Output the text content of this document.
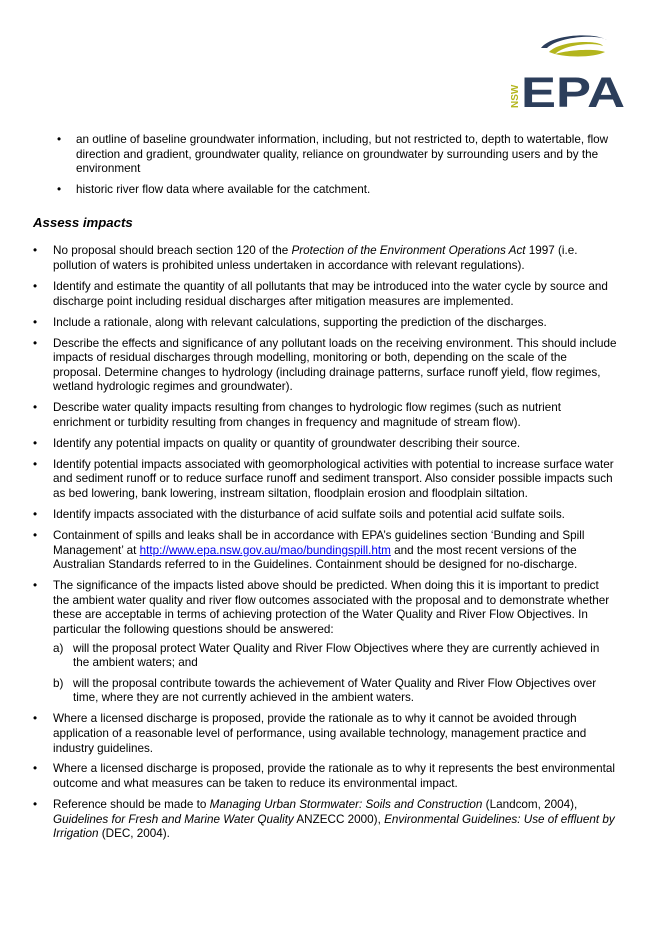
NSW EPA
• an outline of baseline groundwater information, including, but not restricted to, depth to watertable, flow direction and gradient, groundwater quality, reliance on groundwater by surrounding users and by the environment
• historic river flow data where available for the catchment.
Assess impacts
• No proposal should breach section 120 of the Protection of the Environment Operations Act 1997 (i.e. pollution of waters is prohibited unless undertaken in accordance with relevant regulations).
• Identify and estimate the quantity of all pollutants that may be introduced into the water cycle by source and discharge point including residual discharges after mitigation measures are implemented.
• Include a rationale, along with relevant calculations, supporting the prediction of the discharges.
• Describe the effects and significance of any pollutant loads on the receiving environment. This should include impacts of residual discharges through modelling, monitoring or both, depending on the scale of the proposal. Determine changes to hydrology (including drainage patterns, surface runoff yield, flow regimes, wetland hydrologic regimes and groundwater).
• Describe water quality impacts resulting from changes to hydrologic flow regimes (such as nutrient enrichment or turbidity resulting from changes in frequency and magnitude of stream flow).
• Identify any potential impacts on quality or quantity of groundwater describing their source.
• Identify potential impacts associated with geomorphological activities with potential to increase surface water and sediment runoff or to reduce surface runoff and sediment transport. Also consider possible impacts such as bed lowering, bank lowering, instream siltation, floodplain erosion and floodplain siltation.
• Identify impacts associated with the disturbance of acid sulfate soils and potential acid sulfate soils.
• Containment of spills and leaks shall be in accordance with EPA’s guidelines section ‘Bunding and Spill Management’ at http://www.epa.nsw.gov.au/mao/bundingspill.htm and the most recent versions of the Australian Standards referred to in the Guidelines. Containment should be designed for no-discharge.
• The significance of the impacts listed above should be predicted. When doing this it is important to predict the ambient water quality and river flow outcomes associated with the proposal and to demonstrate whether these are acceptable in terms of achieving protection of the Water Quality and River Flow Objectives. In particular the following questions should be answered:
a) will the proposal protect Water Quality and River Flow Objectives where they are currently achieved in the ambient waters; and
b) will the proposal contribute towards the achievement of Water Quality and River Flow Objectives over time, where they are not currently achieved in the ambient waters.
• Where a licensed discharge is proposed, provide the rationale as to why it cannot be avoided through application of a reasonable level of performance, using available technology, management practice and industry guidelines.
• Where a licensed discharge is proposed, provide the rationale as to why it represents the best environmental outcome and what measures can be taken to reduce its environmental impact.
• Reference should be made to Managing Urban Stormwater: Soils and Construction (Landcom, 2004), Guidelines for Fresh and Marine Water Quality ANZECC 2000), Environmental Guidelines: Use of effluent by Irrigation (DEC, 2004).
